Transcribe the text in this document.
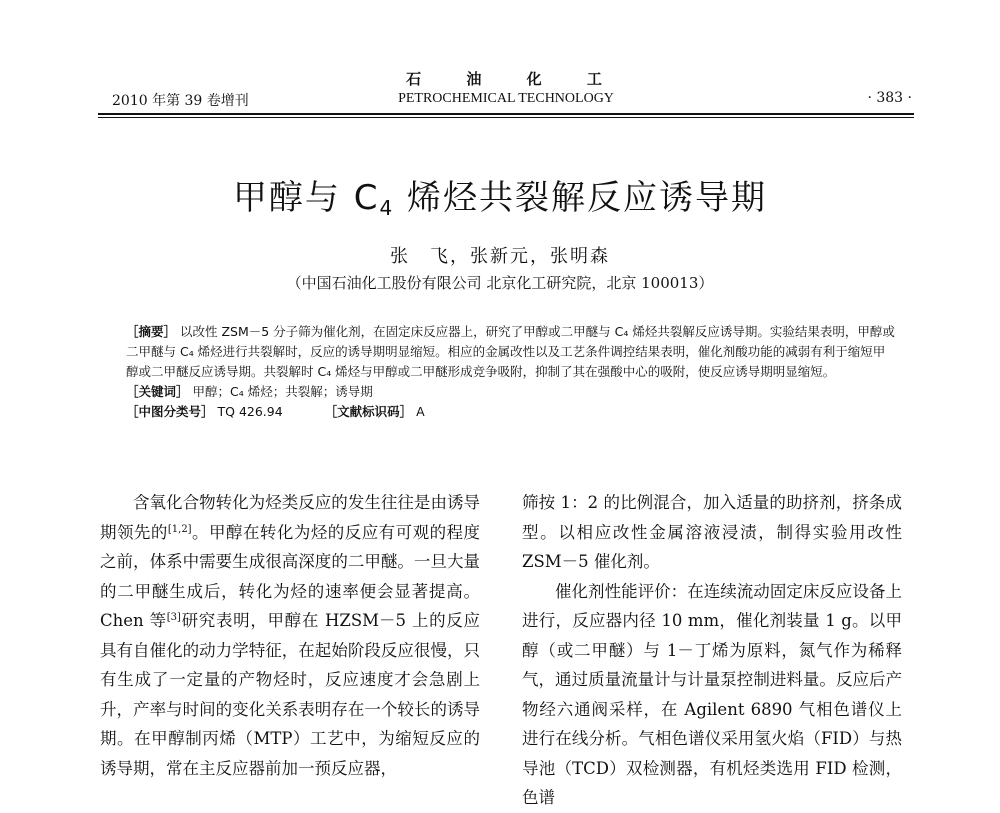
2010 年第 39 卷增刊
石 油 化 工
PETROCHEMICAL TECHNOLOGY	· 383 ·
甲醇与 $C_4$ 烯烃共裂解反应诱导期
张　飞，张新元，张明森
（中国石油化工股份有限公司 北京化工研究院，北京 100013）

［摘要］ 以改性 ZSM－5 分子筛为催化剂，在固定床反应器上，研究了甲醇或二甲醚与 C₄ 烯烃共裂解反应诱导期。实验结果表明，甲醇或二甲醚与 C₄ 烯烃进行共裂解时，反应的诱导期明显缩短。相应的金属改性以及工艺条件调控结果表明，催化剂酸功能的减弱有利于缩短甲醇或二甲醚反应诱导期。共裂解时 C₄ 烯烃与甲醇或二甲醚形成竞争吸附，抑制了其在强酸中心的吸附，使反应诱导期明显缩短。

［关键词］ 甲醇；C₄ 烯烃；共裂解；诱导期

［中图分类号］ TQ 426.94	［文献标识码］ A

含氧化合物转化为烃类反应的发生往往是由诱导期领先的[1,2]。甲醇在转化为烃的反应有可观的程度之前，体系中需要生成很高深度的二甲醚。一旦大量的二甲醚生成后，转化为烃的速率便会显著提高。Chen 等[3]研究表明，甲醇在 HZSM－5 上的反应具有自催化的动力学特征，在起始阶段反应很慢，只有生成了一定量的产物烃时，反应速度才会急剧上升，产率与时间的变化关系表明存在一个较长的诱导期。在甲醇制丙烯（MTP）工艺中，为缩短反应的诱导期，常在主反应器前加一预反应器，

筛按 1：2 的比例混合，加入适量的助挤剂，挤条成型。以相应改性金属溶液浸渍，制得实验用改性 ZSM－5 催化剂。

催化剂性能评价：在连续流动固定床反应设备上进行，反应器内径 10 mm，催化剂装量 1 g。以甲醇（或二甲醚）与 1－丁烯为原料，氮气作为稀释气，通过质量流量计与计量泵控制进料量。反应后产物经六通阀采样，在 Agilent 6890 气相色谱仪上进行在线分析。气相色谱仪采用氢火焰（FID）与热导池（TCD）双检测器，有机烃类选用 FID 检测，色谱
